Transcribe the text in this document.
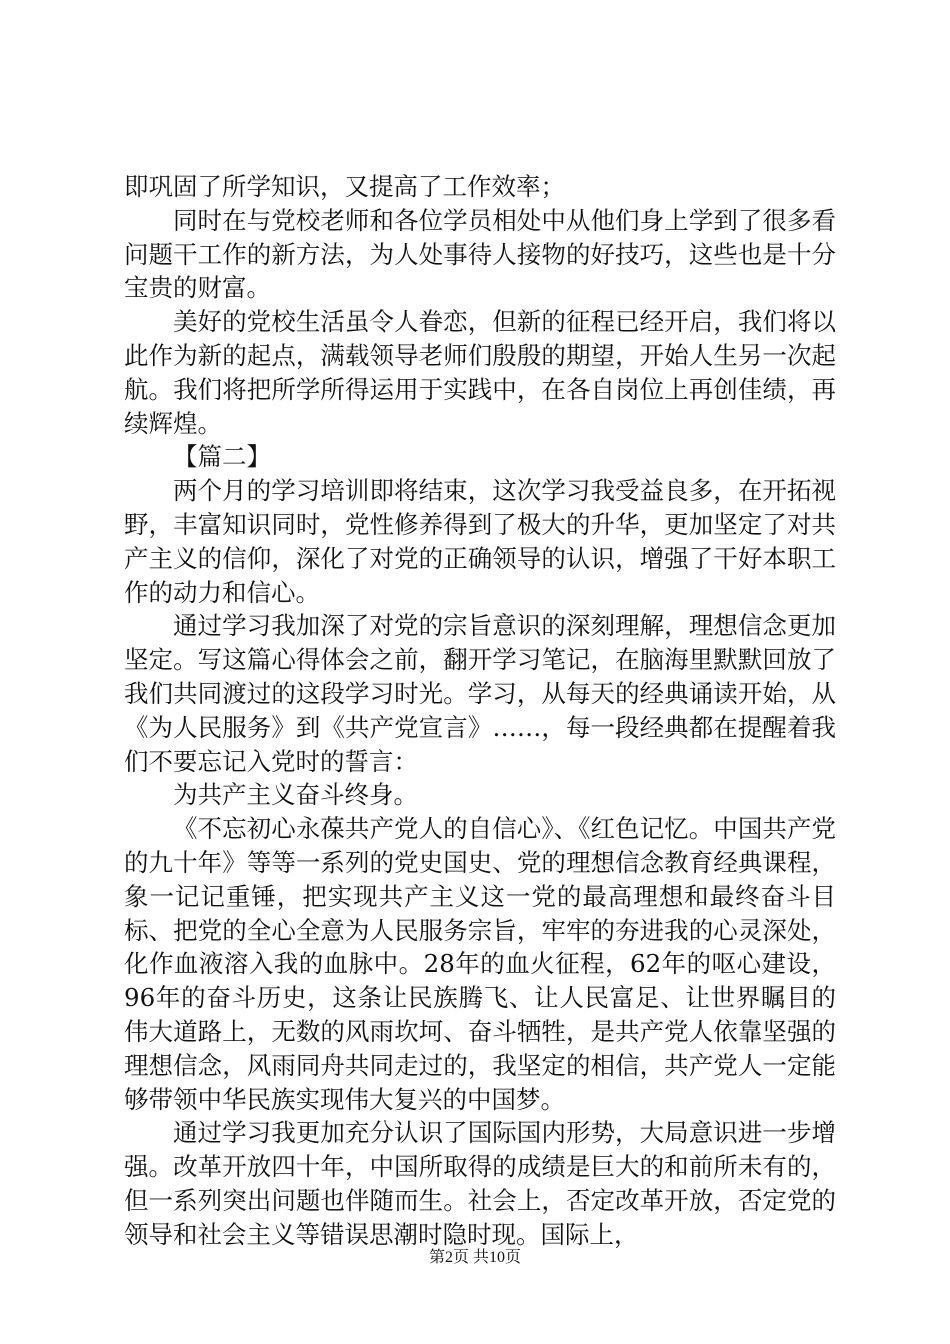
即巩固了所学知识，又提高了工作效率；

同时在与党校老师和各位学员相处中从他们身上学到了很多看问题干工作的新方法，为人处事待人接物的好技巧，这些也是十分宝贵的财富。

美好的党校生活虽令人眷恋，但新的征程已经开启，我们将以此作为新的起点，满载领导老师们殷殷的期望，开始人生另一次起航。我们将把所学所得运用于实践中，在各自岗位上再创佳绩，再续辉煌。

【篇二】

两个月的学习培训即将结束，这次学习我受益良多，在开拓视野，丰富知识同时，党性修养得到了极大的升华，更加坚定了对共产主义的信仰，深化了对党的正确领导的认识，增强了干好本职工作的动力和信心。

通过学习我加深了对党的宗旨意识的深刻理解，理想信念更加坚定。写这篇心得体会之前，翻开学习笔记，在脑海里默默回放了我们共同渡过的这段学习时光。学习，从每天的经典诵读开始，从《为人民服务》到《共产党宣言》……，每一段经典都在提醒着我们不要忘记入党时的誓言：

为共产主义奋斗终身。

《不忘初心永葆共产党人的自信心》、《红色记忆。中国共产党的九十年》等等一系列的党史国史、党的理想信念教育经典课程，象一记记重锤，把实现共产主义这一党的最高理想和最终奋斗目标、把党的全心全意为人民服务宗旨，牢牢的夯进我的心灵深处，化作血液溶入我的血脉中。28年的血火征程，62年的呕心建设，96年的奋斗历史，这条让民族腾飞、让人民富足、让世界瞩目的伟大道路上，无数的风雨坎坷、奋斗牺牲，是共产党人依靠坚强的理想信念，风雨同舟共同走过的，我坚定的相信，共产党人一定能够带领中华民族实现伟大复兴的中国梦。

通过学习我更加充分认识了国际国内形势，大局意识进一步增强。改革开放四十年，中国所取得的成绩是巨大的和前所未有的，但一系列突出问题也伴随而生。社会上，否定改革开放，否定党的领导和社会主义等错误思潮时隐时现。国际上，

第2页 共10页
